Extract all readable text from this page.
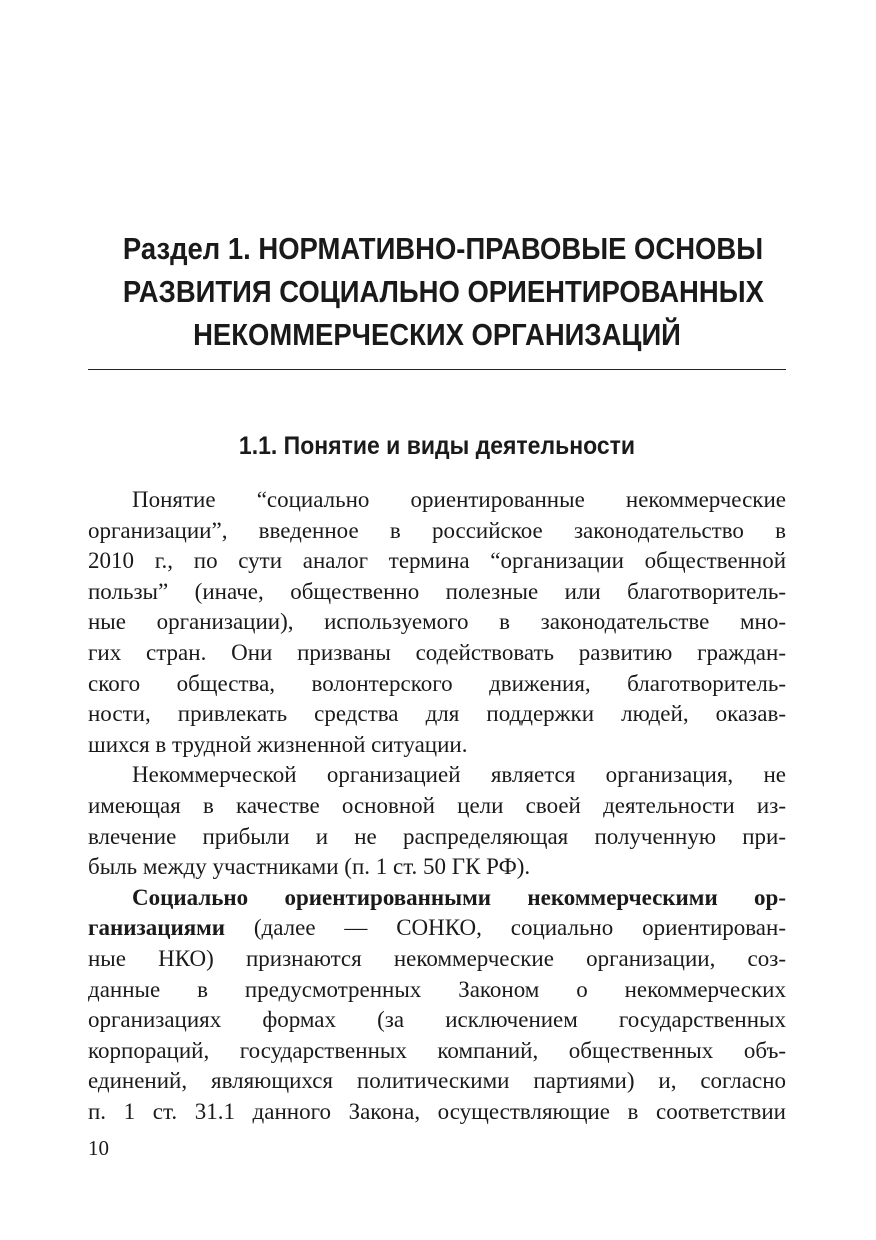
Раздел 1. НОРМАТИВНО-ПРАВОВЫЕ ОСНОВЫ
РАЗВИТИЯ СОЦИАЛЬНО ОРИЕНТИРОВАННЫХ
НЕКОММЕРЧЕСКИХ ОРГАНИЗАЦИЙ
1.1. Понятие и виды деятельности
Понятие “социально ориентированные некоммерческие
организации”, введенное в российское законодательство в
2010 г., по сути аналог термина “организации общественной
пользы” (иначе, общественно полезные или благотворитель-
ные организации), используемого в законодательстве мно-
гих стран. Они призваны содействовать развитию граждан-
ского общества, волонтерского движения, благотворитель-
ности, привлекать средства для поддержки людей, оказав-
шихся в трудной жизненной ситуации.
Некоммерческой организацией является организация, не
имеющая в качестве основной цели своей деятельности из-
влечение прибыли и не распределяющая полученную при-
быль между участниками (п. 1 ст. 50 ГК РФ).
Социально ориентированными некоммерческими ор-
ганизациями (далее — СОНКО, социально ориентирован-
ные НКО) признаются некоммерческие организации, соз-
данные в предусмотренных Законом о некоммерческих
организациях формах (за исключением государственных
корпораций, государственных компаний, общественных объ-
единений, являющихся политическими партиями) и, согласно
п. 1 ст. 31.1 данного Закона, осуществляющие в соответствии
10
